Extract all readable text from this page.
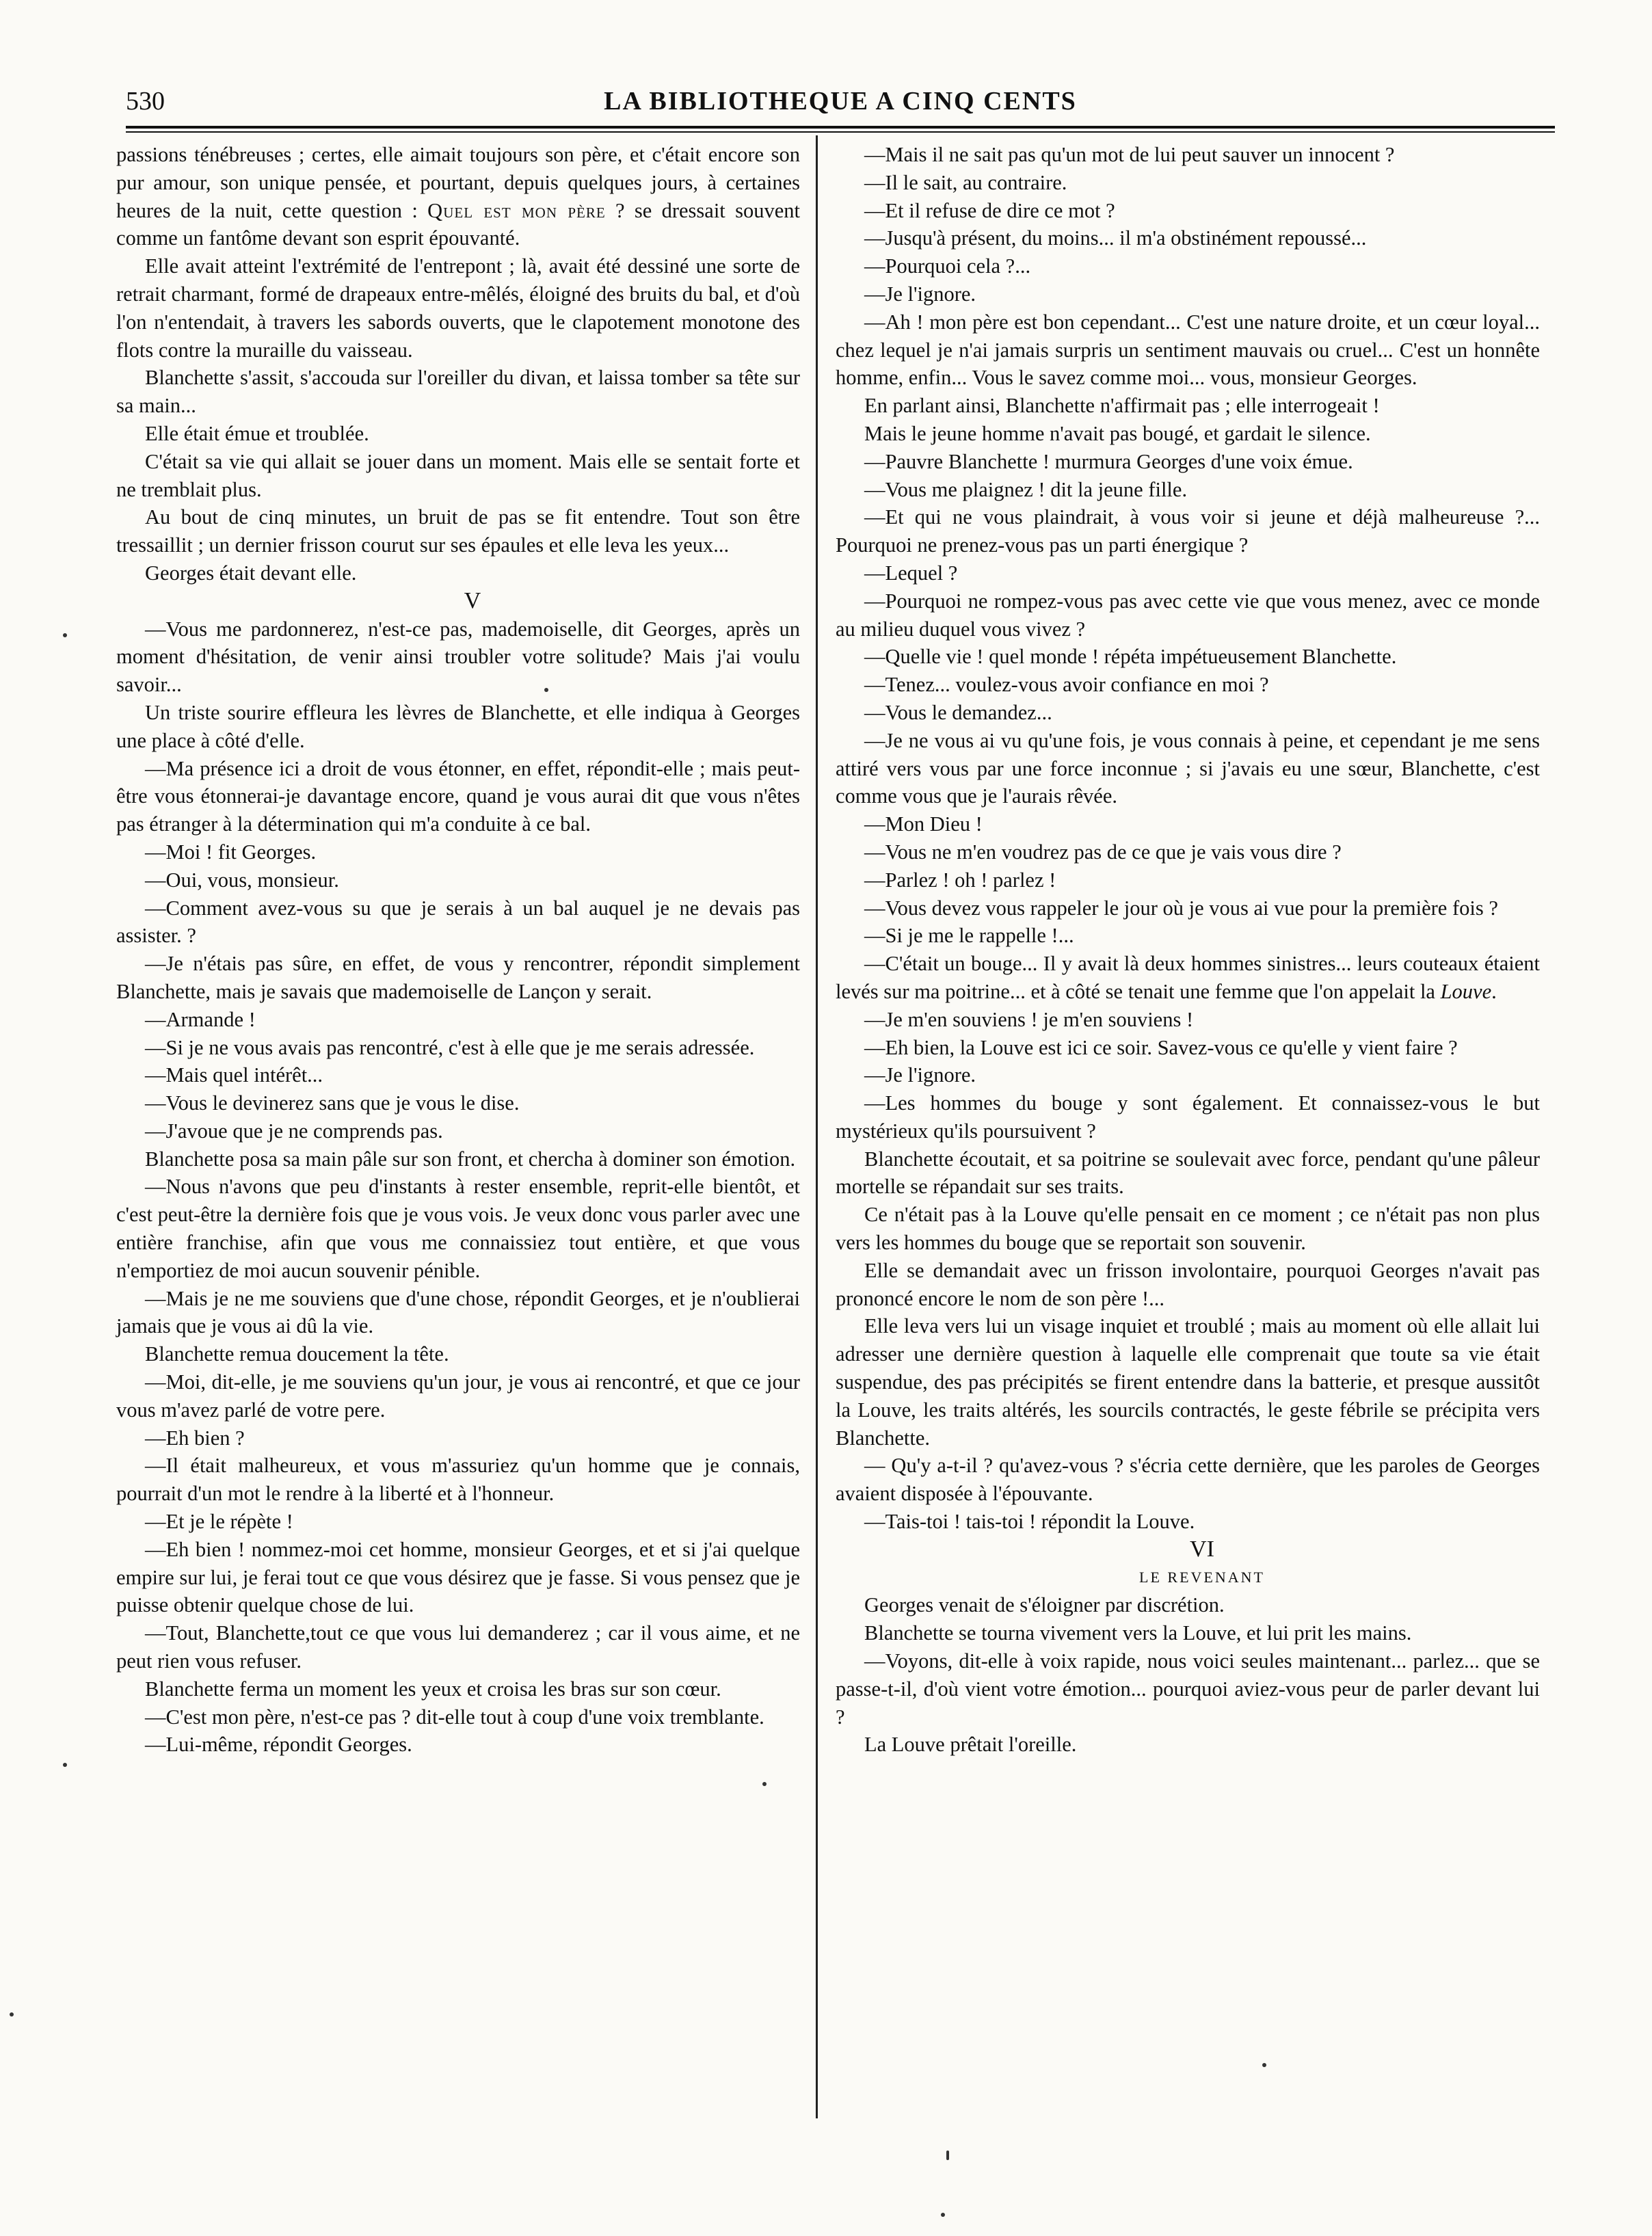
530	LA BIBLIOTHEQUE A CINQ CENTS

passions ténébreuses ; certes, elle aimait toujours son père, et c'était encore son pur amour, son unique pensée, et pourtant, depuis quelques jours, à certaines heures de la nuit, cette question : Quel est mon père ? se dressait souvent comme un fantôme devant son esprit épouvanté.

Elle avait atteint l'extrémité de l'entrepont ; là, avait été dessiné une sorte de retrait charmant, formé de drapeaux entre-mêlés, éloigné des bruits du bal, et d'où l'on n'entendait, à travers les sabords ouverts, que le clapotement monotone des flots contre la muraille du vaisseau.

Blanchette s'assit, s'accouda sur l'oreiller du divan, et laissa tomber sa tête sur sa main...

Elle était émue et troublée.

C'était sa vie qui allait se jouer dans un moment. Mais elle se sentait forte et ne tremblait plus.

Au bout de cinq minutes, un bruit de pas se fit entendre. Tout son être tressaillit ; un dernier frisson courut sur ses épaules et elle leva les yeux...

Georges était devant elle.

V

—Vous me pardonnerez, n'est-ce pas, mademoiselle, dit Georges, après un moment d'hésitation, de venir ainsi troubler votre solitude? Mais j'ai voulu savoir...

Un triste sourire effleura les lèvres de Blanchette, et elle indiqua à Georges une place à côté d'elle.

—Ma présence ici a droit de vous étonner, en effet, répondit-elle ; mais peut-être vous étonnerai-je davantage encore, quand je vous aurai dit que vous n'êtes pas étranger à la détermination qui m'a conduite à ce bal.

—Moi ! fit Georges.

—Oui, vous, monsieur.

—Comment avez-vous su que je serais à un bal auquel je ne devais pas assister. ?

—Je n'étais pas sûre, en effet, de vous y rencontrer, répondit simplement Blanchette, mais je savais que mademoiselle de Lançon y serait.

—Armande !

—Si je ne vous avais pas rencontré, c'est à elle que je me serais adressée.

—Mais quel intérêt...

—Vous le devinerez sans que je vous le dise.

—J'avoue que je ne comprends pas.

Blanchette posa sa main pâle sur son front, et chercha à dominer son émotion.

—Nous n'avons que peu d'instants à rester ensemble, reprit-elle bientôt, et c'est peut-être la dernière fois que je vous vois. Je veux donc vous parler avec une entière franchise, afin que vous me connaissiez tout entière, et que vous n'emportiez de moi aucun souvenir pénible.

—Mais je ne me souviens que d'une chose, répondit Georges, et je n'oublierai jamais que je vous ai dû la vie.

Blanchette remua doucement la tête.

—Moi, dit-elle, je me souviens qu'un jour, je vous ai rencontré, et que ce jour vous m'avez parlé de votre pere.

—Eh bien ?

—Il était malheureux, et vous m'assuriez qu'un homme que je connais, pourrait d'un mot le rendre à la liberté et à l'honneur.

—Et je le répète !

—Eh bien ! nommez-moi cet homme, monsieur Georges, et et si j'ai quelque empire sur lui, je ferai tout ce que vous désirez que je fasse. Si vous pensez que je puisse obtenir quelque chose de lui.

—Tout, Blanchette,tout ce que vous lui demanderez ; car il vous aime, et ne peut rien vous refuser.

Blanchette ferma un moment les yeux et croisa les bras sur son cœur.

—C'est mon père, n'est-ce pas ? dit-elle tout à coup d'une voix tremblante.

—Lui-même, répondit Georges.

—Mais il ne sait pas qu'un mot de lui peut sauver un innocent ?

—Il le sait, au contraire.

—Et il refuse de dire ce mot ?

—Jusqu'à présent, du moins... il m'a obstinément repoussé...

—Pourquoi cela ?...

—Je l'ignore.

—Ah ! mon père est bon cependant... C'est une nature droite, et un cœur loyal... chez lequel je n'ai jamais surpris un sentiment mauvais ou cruel... C'est un honnête homme, enfin... Vous le savez comme moi... vous, monsieur Georges.

En parlant ainsi, Blanchette n'affirmait pas ; elle interrogeait !

Mais le jeune homme n'avait pas bougé, et gardait le silence.

—Pauvre Blanchette ! murmura Georges d'une voix émue.

—Vous me plaignez ! dit la jeune fille.

—Et qui ne vous plaindrait, à vous voir si jeune et déjà malheureuse ?... Pourquoi ne prenez-vous pas un parti énergique ?

—Lequel ?

—Pourquoi ne rompez-vous pas avec cette vie que vous menez, avec ce monde au milieu duquel vous vivez ?

—Quelle vie ! quel monde ! répéta impétueusement Blanchette.

—Tenez... voulez-vous avoir confiance en moi ?

—Vous le demandez...

—Je ne vous ai vu qu'une fois, je vous connais à peine, et cependant je me sens attiré vers vous par une force inconnue ; si j'avais eu une sœur, Blanchette, c'est comme vous que je l'aurais rêvée.

—Mon Dieu !

—Vous ne m'en voudrez pas de ce que je vais vous dire ?

—Parlez ! oh ! parlez !

—Vous devez vous rappeler le jour où je vous ai vue pour la première fois ?

—Si je me le rappelle !...

—C'était un bouge... Il y avait là deux hommes sinistres... leurs couteaux étaient levés sur ma poitrine... et à côté se tenait une femme que l'on appelait la Louve.

—Je m'en souviens ! je m'en souviens !

—Eh bien, la Louve est ici ce soir. Savez-vous ce qu'elle y vient faire ?

—Je l'ignore.

—Les hommes du bouge y sont également. Et connaissez-vous le but mystérieux qu'ils poursuivent ?

Blanchette écoutait, et sa poitrine se soulevait avec force, pendant qu'une pâleur mortelle se répandait sur ses traits.

Ce n'était pas à la Louve qu'elle pensait en ce moment ; ce n'était pas non plus vers les hommes du bouge que se reportait son souvenir.

Elle se demandait avec un frisson involontaire, pourquoi Georges n'avait pas prononcé encore le nom de son père !...

Elle leva vers lui un visage inquiet et troublé ; mais au moment où elle allait lui adresser une dernière question à laquelle elle comprenait que toute sa vie était suspendue, des pas précipités se firent entendre dans la batterie, et presque aussitôt la Louve, les traits altérés, les sourcils contractés, le geste fébrile se précipita vers Blanchette.

— Qu'y a-t-il ? qu'avez-vous ? s'écria cette dernière, que les paroles de Georges avaient disposée à l'épouvante.

—Tais-toi ! tais-toi ! répondit la Louve.

VI

LE REVENANT

Georges venait de s'éloigner par discrétion.

Blanchette se tourna vivement vers la Louve, et lui prit les mains.

—Voyons, dit-elle à voix rapide, nous voici seules maintenant... parlez... que se passe-t-il, d'où vient votre émotion... pourquoi aviez-vous peur de parler devant lui ?

La Louve prêtait l'oreille.
